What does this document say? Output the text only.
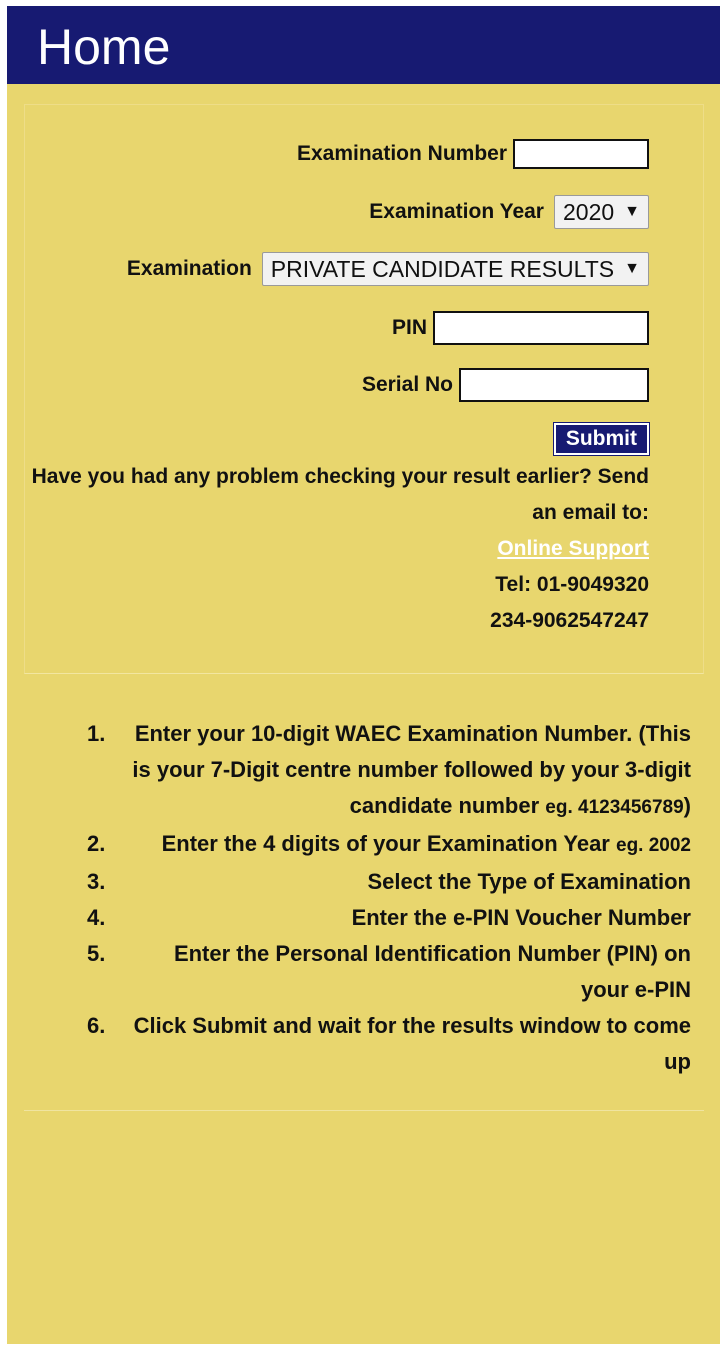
Home
Examination Number
Examination Year 2020 ▼
Examination PRIVATE CANDIDATE RESULTS ▼
PIN
Serial No
Submit
Have you had any problem checking your result earlier? Send an email to:
Online Support
Tel: 01-9049320
234-9062547247
1.	Enter your 10-digit WAEC Examination Number. (This is your 7-Digit centre number followed by your 3-digit candidate number eg. 4123456789)
2.	Enter the 4 digits of your Examination Year eg. 2002
3.	Select the Type of Examination
4.	Enter the e-PIN Voucher Number
5.	Enter the Personal Identification Number (PIN) on your e-PIN
6.	Click Submit and wait for the results window to come up
